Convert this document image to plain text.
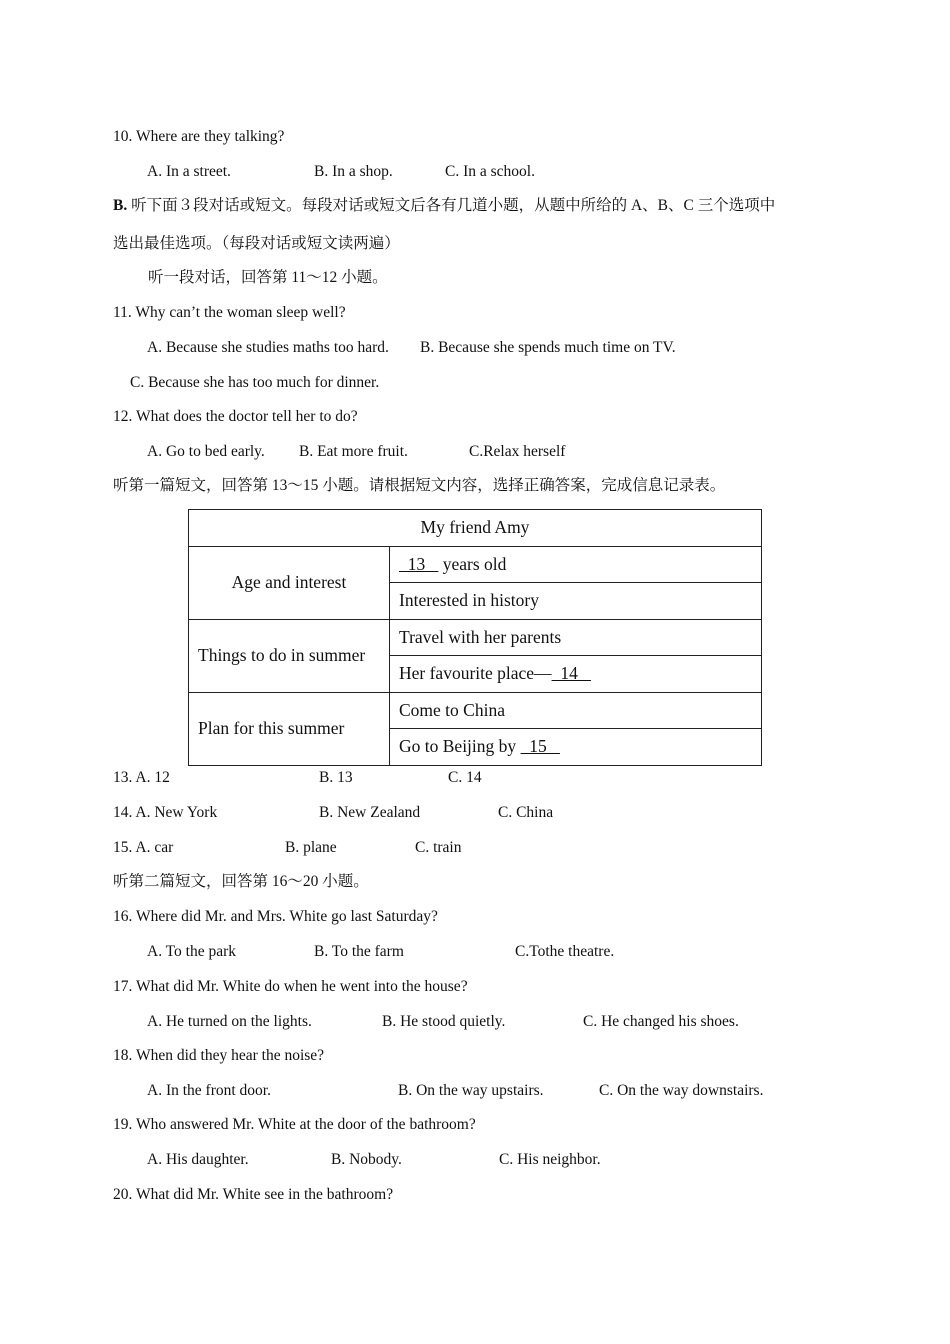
10. Where are they talking?
A. In a street.	B. In a shop.	C. In a school.
B. 听下面３段对话或短文。每段对话或短文后各有几道小题，从题中所给的 A、B、C 三个选项中
选出最佳选项。（每段对话或短文读两遍）
听一段对话，回答第 11～12 小题。
11. Why can’t the woman sleep well?
A. Because she studies maths too hard. B. Because she spends much time on TV.
C. Because she has too much for dinner.
12. What does the doctor tell her to do?
A. Go to bed early. B. Eat more fruit.	C.Relax herself
听第一篇短文，回答第 13～15 小题。请根据短文内容，选择正确答案，完成信息记录表。
My friend Amy	
Age and interest	13    years old
	Interested in history
Things to do in summer	Travel with her parents
	Her favourite place—  14
Plan for this summer	Come to China
	Go to Beijing by   15
13. A. 12	B. 13	C. 14
14. A. New York	B. New Zealand	C. China
15. A. car	B. plane	C. train
听第二篇短文，回答第 16～20 小题。
16. Where did Mr. and Mrs. White go last Saturday?
A. To the park	B. To the farm	C.Tothe theatre.
17. What did Mr. White do when he went into the house?
A. He turned on the lights.	B. He stood quietly.	C. He changed his shoes.
18. When did they hear the noise?
A. In the front door.	B. On the way upstairs.	C. On the way downstairs.
19. Who answered Mr. White at the door of the bathroom?
A. His daughter.	B. Nobody.	C. His neighbor.
20. What did Mr. White see in the bathroom?
